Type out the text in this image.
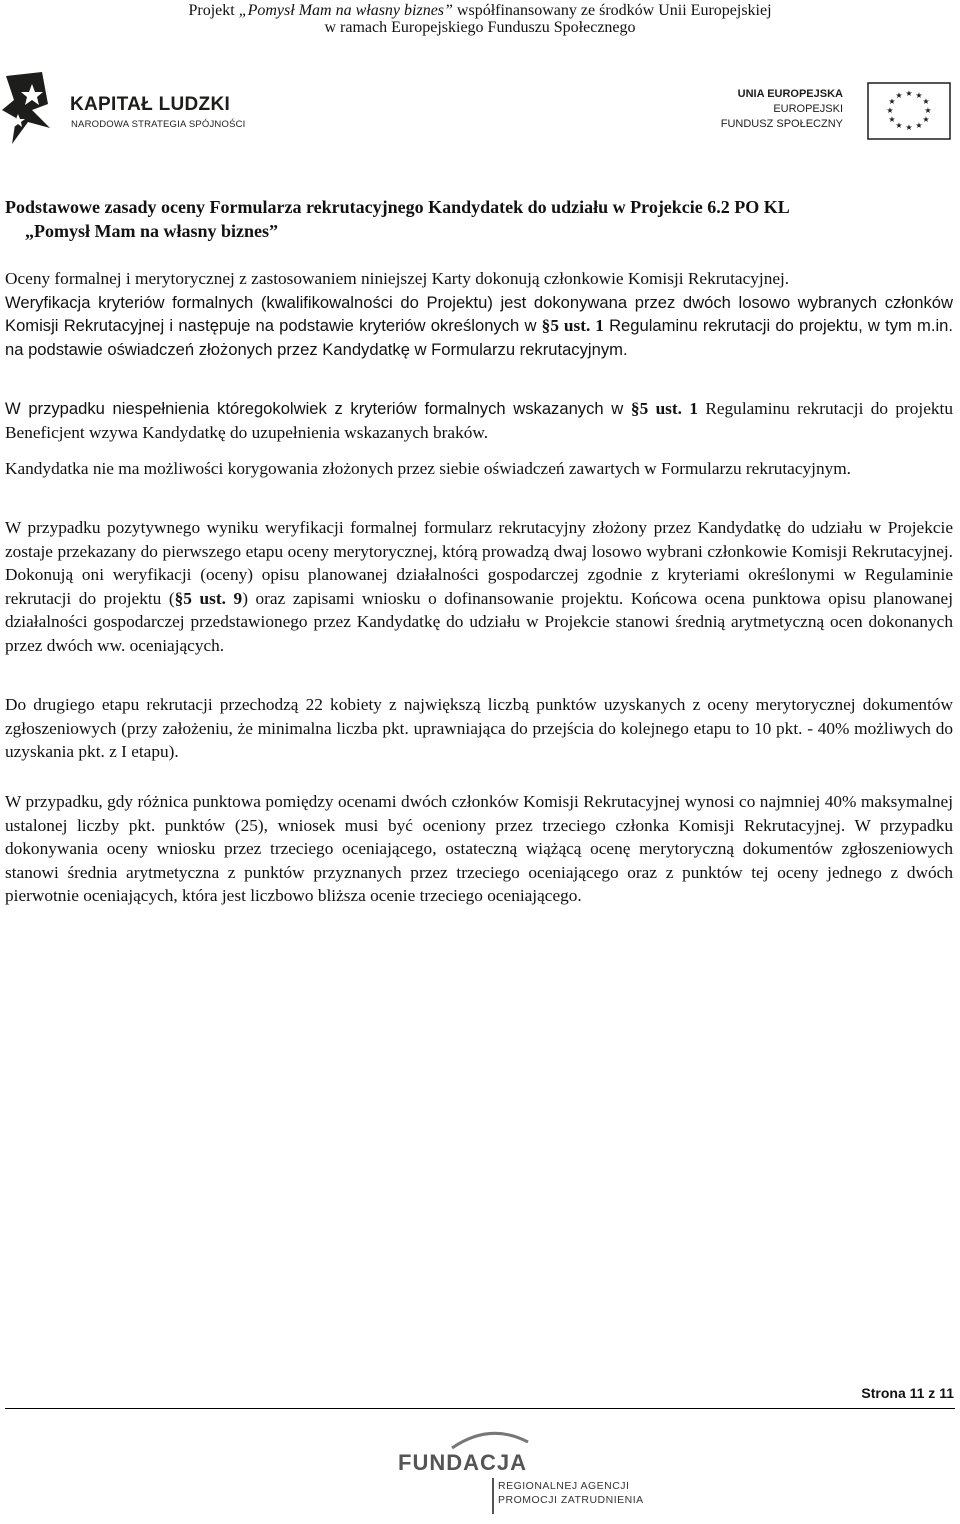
Projekt „Pomysł Mam na własny biznes” współfinansowany ze środków Unii Europejskiej
w ramach Europejskiego Funduszu Społecznego
KAPITAŁ LUDZKI
NARODOWA STRATEGIA SPÓJNOŚCI
UNIA EUROPEJSKA
EUROPEJSKI
FUNDUSZ SPOŁECZNY
★ ★
★
★
★
★
★
★
★
★
★
★
Podstawowe zasady oceny Formularza rekrutacyjnego Kandydatek do udziału w Projekcie 6.2 PO KL
„Pomysł Mam na własny biznes”

Oceny formalnej i merytorycznej z zastosowaniem niniejszej Karty dokonują członkowie Komisji Rekrutacyjnej.

Weryfikacja kryteriów formalnych (kwalifikowalności do Projektu) jest dokonywana przez dwóch losowo wybranych członków Komisji Rekrutacyjnej i następuje na podstawie kryteriów określonych w §5 ust. 1 Regulaminu rekrutacji do projektu, w tym m.in. na podstawie oświadczeń złożonych przez Kandydatkę w Formularzu rekrutacyjnym.

W przypadku niespełnienia któregokolwiek z kryteriów formalnych wskazanych w §5 ust. 1 Regulaminu rekrutacji do projektu Beneficjent wzywa Kandydatkę do uzupełnienia wskazanych braków.

Kandydatka nie ma możliwości korygowania złożonych przez siebie oświadczeń zawartych w Formularzu rekrutacyjnym.

W przypadku pozytywnego wyniku weryfikacji formalnej formularz rekrutacyjny złożony przez Kandydatkę do udziału w Projekcie zostaje przekazany do pierwszego etapu oceny merytorycznej, którą prowadzą dwaj losowo wybrani członkowie Komisji Rekrutacyjnej. Dokonują oni weryfikacji (oceny) opisu planowanej działalności gospodarczej zgodnie z kryteriami określonymi w Regulaminie rekrutacji do projektu (§5 ust. 9) oraz zapisami wniosku o dofinansowanie projektu. Końcowa ocena punktowa opisu planowanej działalności gospodarczej przedstawionego przez Kandydatkę do udziału w Projekcie stanowi średnią arytmetyczną ocen dokonanych przez dwóch ww. oceniających.

Do drugiego etapu rekrutacji przechodzą 22 kobiety z największą liczbą punktów uzyskanych z oceny merytorycznej dokumentów zgłoszeniowych (przy założeniu, że minimalna liczba pkt. uprawniająca do przejścia do kolejnego etapu to 10 pkt. - 40% możliwych do uzyskania pkt. z I etapu).

W przypadku, gdy różnica punktowa pomiędzy ocenami dwóch członków Komisji Rekrutacyjnej wynosi co najmniej 40% maksymalnej ustalonej liczby pkt. punktów (25), wniosek musi być oceniony przez trzeciego członka Komisji Rekrutacyjnej. W przypadku dokonywania oceny wniosku przez trzeciego oceniającego, ostateczną wiążącą ocenę merytoryczną dokumentów zgłoszeniowych stanowi średnia arytmetyczna z punktów przyznanych przez trzeciego oceniającego oraz z punktów tej oceny jednego z dwóch pierwotnie oceniających, która jest liczbowo bliższa ocenie trzeciego oceniającego.

Strona 11 z 11
FUNDACJA
REGIONALNEJ AGENCJI
PROMOCJI ZATRUDNIENIA
